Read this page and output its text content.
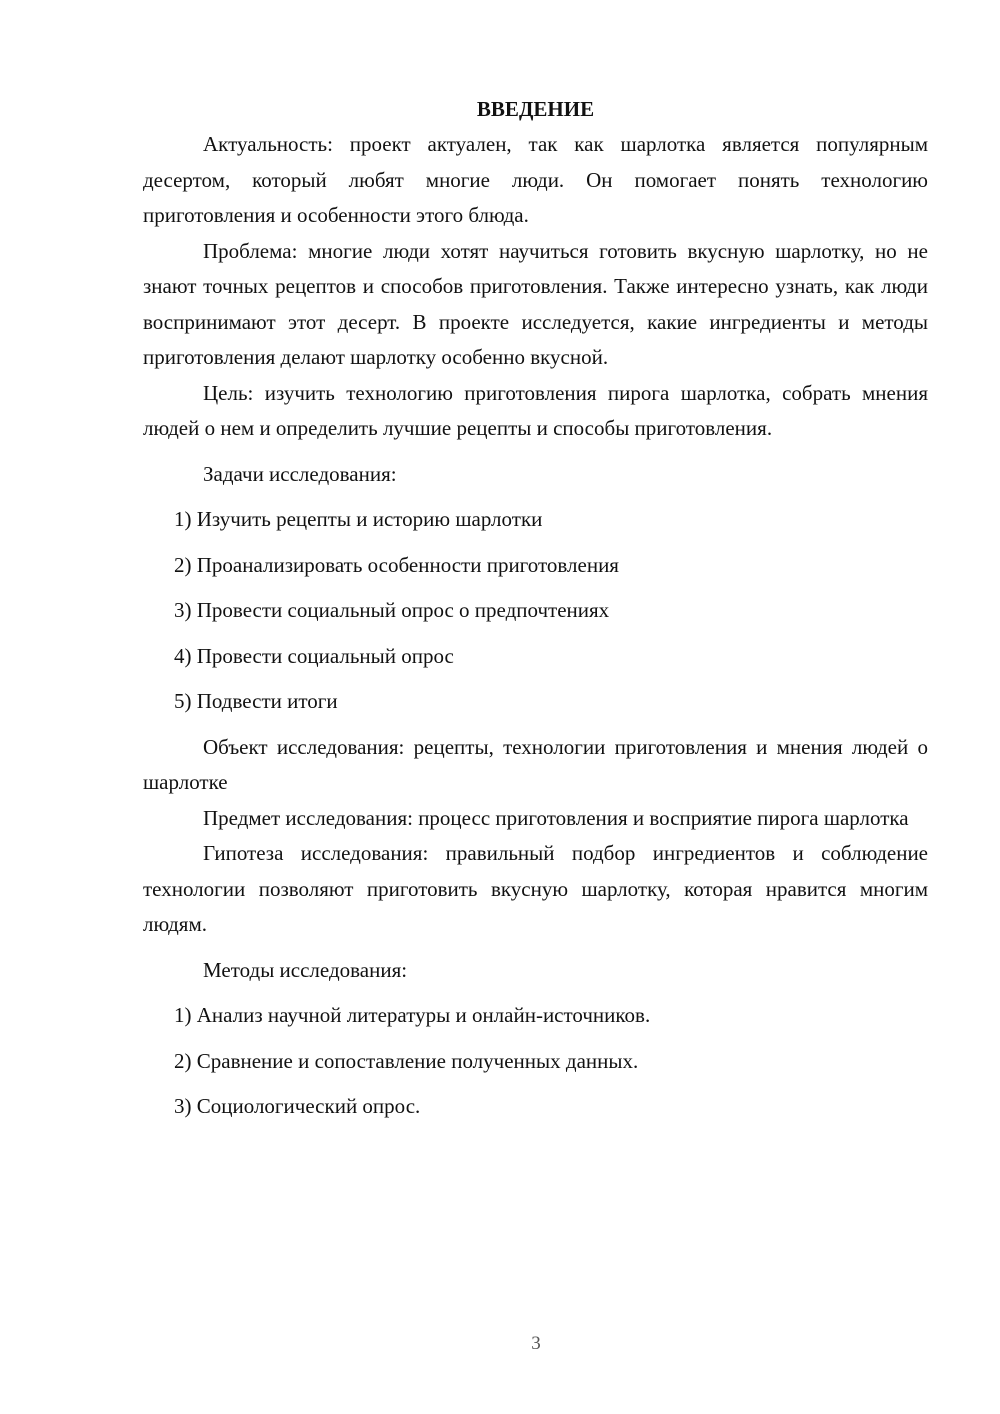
ВВЕДЕНИЕ

Актуальность: проект актуален, так как шарлотка является популярным десертом, который любят многие люди. Он помогает понять технологию приготовления и особенности этого блюда.

Проблема: многие люди хотят научиться готовить вкусную шарлотку, но не знают точных рецептов и способов приготовления. Также интересно узнать, как люди воспринимают этот десерт. В проекте исследуется, какие ингредиенты и методы приготовления делают шарлотку особенно вкусной.

Цель: изучить технологию приготовления пирога шарлотка, собрать мнения людей о нем и определить лучшие рецепты и способы приготовления.

Задачи исследования:

1) Изучить рецепты и историю шарлотки

2) Проанализировать особенности приготовления

3) Провести социальный опрос о предпочтениях

4) Провести социальный опрос

5) Подвести итоги

Объект исследования: рецепты, технологии приготовления и мнения людей о шарлотке

Предмет исследования: процесс приготовления и восприятие пирога шарлотка

Гипотеза исследования: правильный подбор ингредиентов и соблюдение технологии позволяют приготовить вкусную шарлотку, которая нравится многим людям.

Методы исследования:

1) Анализ научной литературы и онлайн-источников.

2) Сравнение и сопоставление полученных данных.

3) Социологический опрос.

3
